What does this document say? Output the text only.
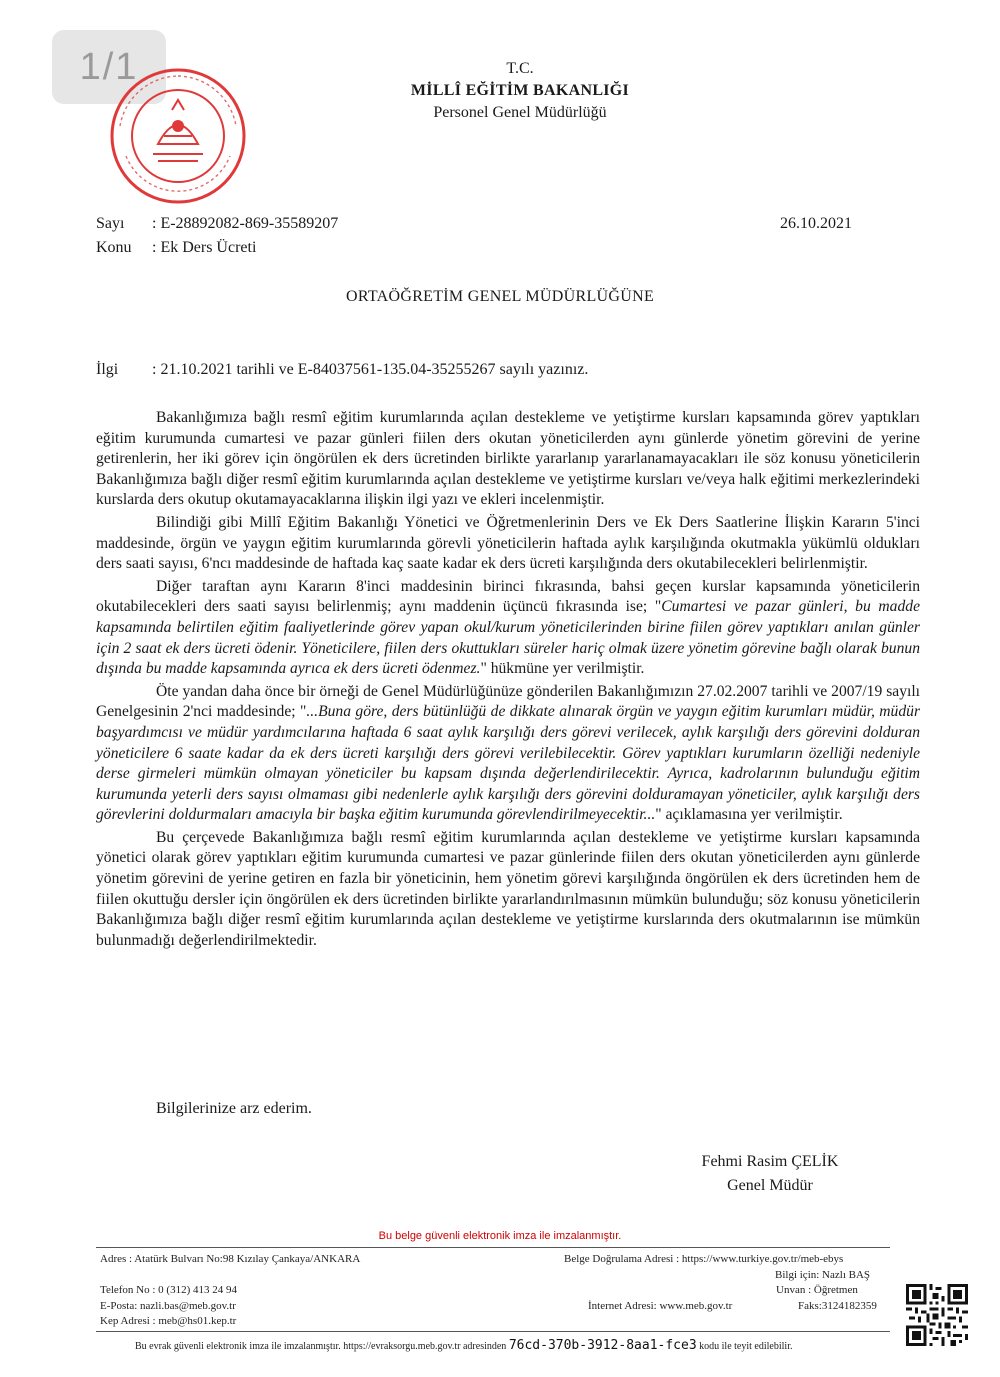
1/1	T.C.
MİLLÎ EĞİTİM BAKANLIĞI
Personel Genel Müdürlüğü
Sayı : E-28892082-869-35589207
Konu : Ek Ders Ücreti
26.10.2021
ORTAÖĞRETİM GENEL MÜDÜRLÜĞÜNE
İlgi : 21.10.2021 tarihli ve E-84037561-135.04-35255267 sayılı yazınız.

Bakanlığımıza bağlı resmî eğitim kurumlarında açılan destekleme ve yetiştirme kursları kapsamında görev yaptıkları eğitim kurumunda cumartesi ve pazar günleri fiilen ders okutan yöneticilerden aynı günlerde yönetim görevini de yerine getirenlerin, her iki görev için öngörülen ek ders ücretinden birlikte yararlanıp yararlanamayacakları ile söz konusu yöneticilerin Bakanlığımıza bağlı diğer resmî eğitim kurumlarında açılan destekleme ve yetiştirme kursları ve/veya halk eğitimi merkezlerindeki kurslarda ders okutup okutamayacaklarına ilişkin ilgi yazı ve ekleri incelenmiştir.

Bilindiği gibi Millî Eğitim Bakanlığı Yönetici ve Öğretmenlerinin Ders ve Ek Ders Saatlerine İlişkin Kararın 5'inci maddesinde, örgün ve yaygın eğitim kurumlarında görevli yöneticilerin haftada aylık karşılığında okutmakla yükümlü oldukları ders saati sayısı, 6'ncı maddesinde de haftada kaç saate kadar ek ders ücreti karşılığında ders okutabilecekleri belirlenmiştir.

Diğer taraftan aynı Kararın 8'inci maddesinin birinci fıkrasında, bahsi geçen kurslar kapsamında yöneticilerin okutabilecekleri ders saati sayısı belirlenmiş; aynı maddenin üçüncü fıkrasında ise; "Cumartesi ve pazar günleri, bu madde kapsamında belirtilen eğitim faaliyetlerinde görev yapan okul/kurum yöneticilerinden birine fiilen görev yaptıkları anılan günler için 2 saat ek ders ücreti ödenir. Yöneticilere, fiilen ders okuttukları süreler hariç olmak üzere yönetim görevine bağlı olarak bunun dışında bu madde kapsamında ayrıca ek ders ücreti ödenmez." hükmüne yer verilmiştir.

Öte yandan daha önce bir örneği de Genel Müdürlüğünüze gönderilen Bakanlığımızın 27.02.2007 tarihli ve 2007/19 sayılı Genelgesinin 2'nci maddesinde; "...Buna göre, ders bütünlüğü de dikkate alınarak örgün ve yaygın eğitim kurumları müdür, müdür başyardımcısı ve müdür yardımcılarına haftada 6 saat aylık karşılığı ders görevi verilecek, aylık karşılığı ders görevini dolduran yöneticilere 6 saate kadar da ek ders ücreti karşılığı ders görevi verilebilecektir. Görev yaptıkları kurumların özelliği nedeniyle derse girmeleri mümkün olmayan yöneticiler bu kapsam dışında değerlendirilecektir. Ayrıca, kadrolarının bulunduğu eğitim kurumunda yeterli ders sayısı olmaması gibi nedenlerle aylık karşılığı ders görevini dolduramayan yöneticiler, aylık karşılığı ders görevlerini doldurmaları amacıyla bir başka eğitim kurumunda görevlendirilmeyecektir..." açıklamasına yer verilmiştir.

Bu çerçevede Bakanlığımıza bağlı resmî eğitim kurumlarında açılan destekleme ve yetiştirme kursları kapsamında yönetici olarak görev yaptıkları eğitim kurumunda cumartesi ve pazar günlerinde fiilen ders okutan yöneticilerden aynı günlerde yönetim görevini de yerine getiren en fazla bir yöneticinin, hem yönetim görevi karşılığında öngörülen ek ders ücretinden hem de fiilen okuttuğu dersler için öngörülen ek ders ücretinden birlikte yararlandırılmasının mümkün bulunduğu; söz konusu yöneticilerin Bakanlığımıza bağlı diğer resmî eğitim kurumlarında açılan destekleme ve yetiştirme kurslarında ders okutmalarının ise mümkün bulunmadığı değerlendirilmektedir.

Bilgilerinize arz ederim.
Fehmi Rasim ÇELİK
Genel Müdür
Bu belge güvenli elektronik imza ile imzalanmıştır.
Adres : Atatürk Bulvarı No:98 Kızılay Çankaya/ANKARA	Belge Doğrulama Adresi : https://www.turkiye.gov.tr/meb-ebys
Bilgi için: Nazlı BAŞ
Telefon No : 0 (312) 413 24 94	Unvan : Öğretmen
E-Posta: nazli.bas@meb.gov.tr	İnternet Adresi: www.meb.gov.tr	Faks:3124182359
Kep Adresi : meb@hs01.kep.tr
Bu evrak güvenli elektronik imza ile imzalanmıştır. https://evraksorgu.meb.gov.tr adresinden 76cd-370b-3912-8aa1-fce3 kodu ile teyit edilebilir.
